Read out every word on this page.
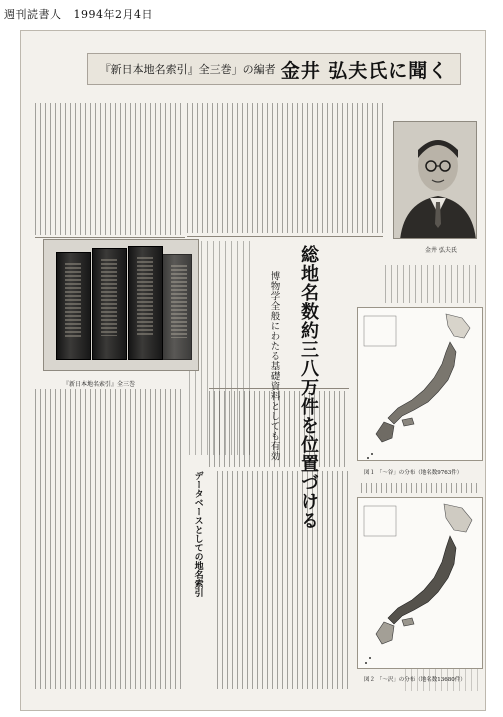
週刊読書人 1994年2月4日
『新日本地名索引』全三巻」の編者 金井 弘夫氏に聞く
『新日本地名索引』全三巻
金井 弘夫氏
総地名数約三八万件を位置づける
博物学全般にわたる基礎資料としても有効
データベースとしての地名索引	図１ 「〜谷」の分布（地名数9763件）
図２ 「〜沢」の分布（地名数13680件）
